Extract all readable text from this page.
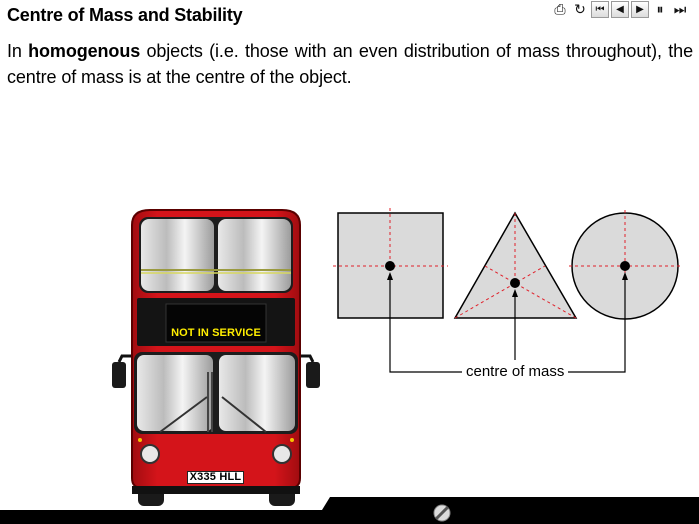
Centre of Mass and Stability	⎙ ↻ ⏮ ◀ ▶ ⏸ ⏭
In homogenous objects (i.e. those with an even distribution of mass throughout), the centre of mass is at the centre of the object.
NOT IN SERVICE
X335 HLL
centre of mass
